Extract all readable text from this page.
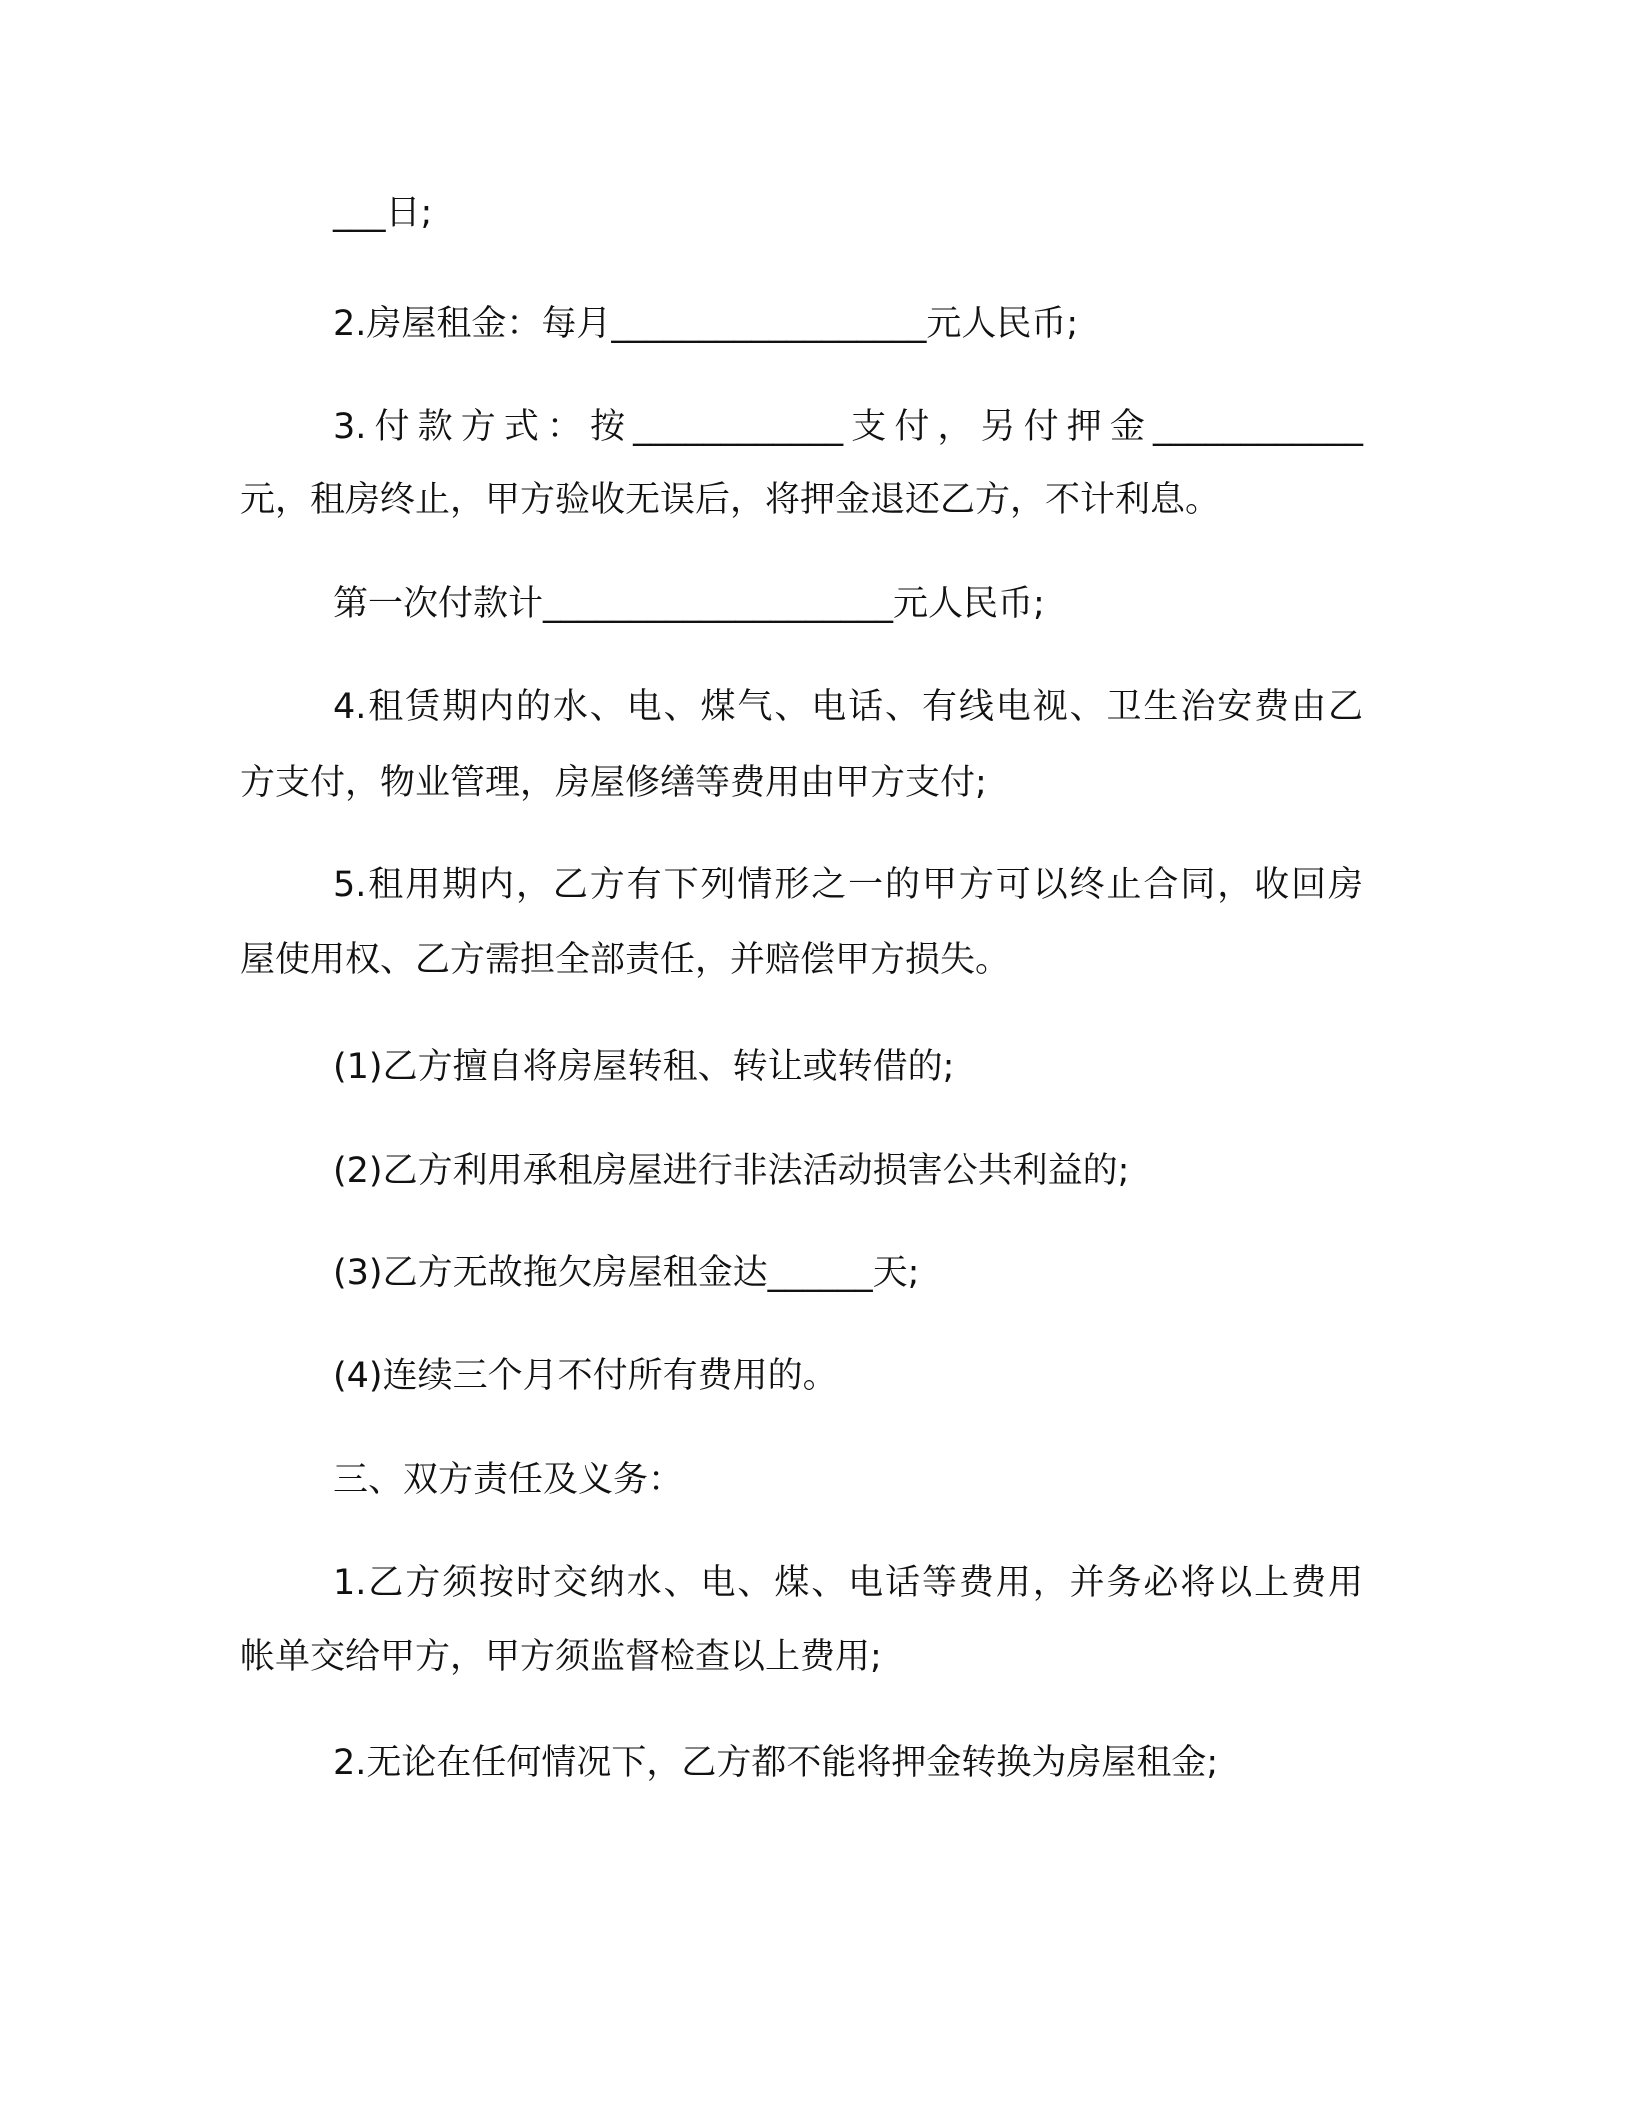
___日;
2.房屋租金：每月__________________元人民币;
3.付款方式：按____________支付，另付押金____________
元，租房终止，甲方验收无误后，将押金退还乙方，不计利息。
第一次付款计____________________元人民币;
4.租赁期内的水、电、煤气、电话、有线电视、卫生治安费由乙
方支付，物业管理，房屋修缮等费用由甲方支付;
5.租用期内，乙方有下列情形之一的甲方可以终止合同，收回房
屋使用权、乙方需担全部责任，并赔偿甲方损失。
(1)乙方擅自将房屋转租、转让或转借的;
(2)乙方利用承租房屋进行非法活动损害公共利益的;
(3)乙方无故拖欠房屋租金达______天;
(4)连续三个月不付所有费用的。
三、双方责任及义务：
1.乙方须按时交纳水、电、煤、电话等费用，并务必将以上费用
帐单交给甲方，甲方须监督检查以上费用;
2.无论在任何情况下，乙方都不能将押金转换为房屋租金;
